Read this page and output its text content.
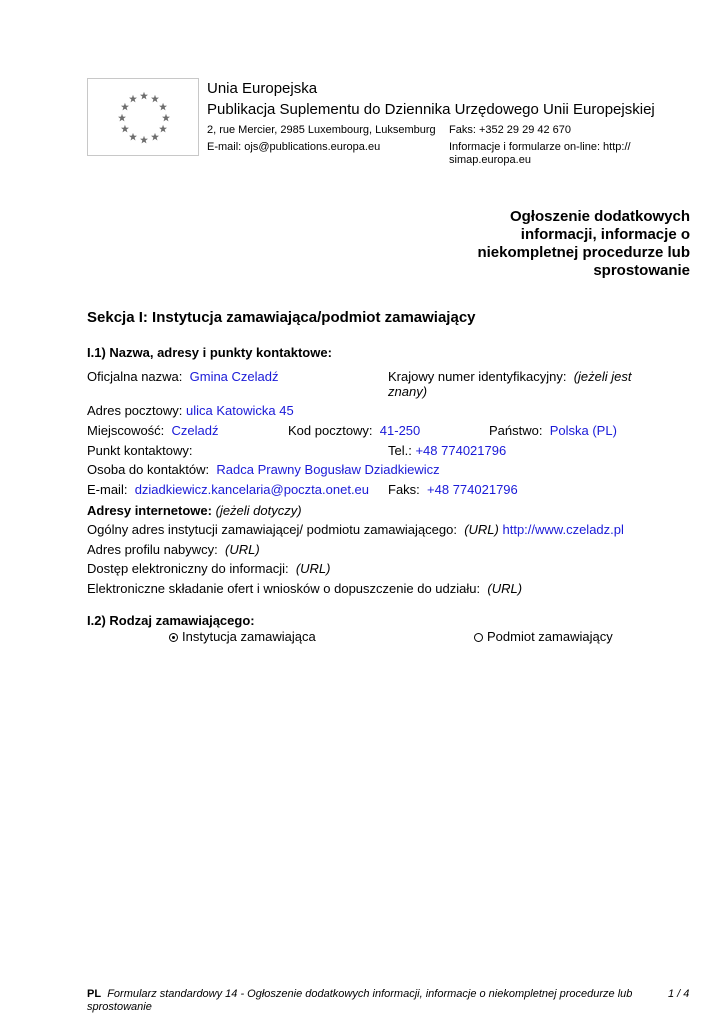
Unia Europejska
Publikacja Suplementu do Dziennika Urzędowego Unii Europejskiej
2, rue Mercier, 2985 Luxembourg, Luksemburg Faks: +352 29 29 42 670
E-mail: ojs@publications.europa.eu	Informacje i formularze on-line: http://
simap.europa.eu
Ogłoszenie dodatkowych informacji, informacje o niekompletnej procedurze lub sprostowanie
Sekcja I: Instytucja zamawiająca/podmiot zamawiający
I.1) Nazwa, adresy i punkty kontaktowe:
Oficjalna nazwa: Gmina Czeladź	Krajowy numer identyfikacyjny: (jeżeli jest
znany)
Adres pocztowy: ulica Katowicka 45
Miejscowość: Czeladź	Kod pocztowy: 41-250	Państwo: Polska (PL)
Punkt kontaktowy:	Tel.: +48 774021796
Osoba do kontaktów: Radca Prawny Bogusław Dziadkiewicz
E-mail: dziadkiewicz.kancelaria@poczta.onet.eu Faks: +48 774021796
Adresy internetowe: (jeżeli dotyczy)
Ogólny adres instytucji zamawiającej/ podmiotu zamawiającego: (URL) http://www.czeladz.pl
Adres profilu nabywcy: (URL)
Dostęp elektroniczny do informacji: (URL)
Elektroniczne składanie ofert i wniosków o dopuszczenie do udziału: (URL)
I.2) Rodzaj zamawiającego:
Instytucja zamawiająca	Podmiot zamawiający
PL Formularz standardowy 14 - Ogłoszenie dodatkowych informacji, informacje o niekompletnej procedurze lub sprostowanie
1 / 4
